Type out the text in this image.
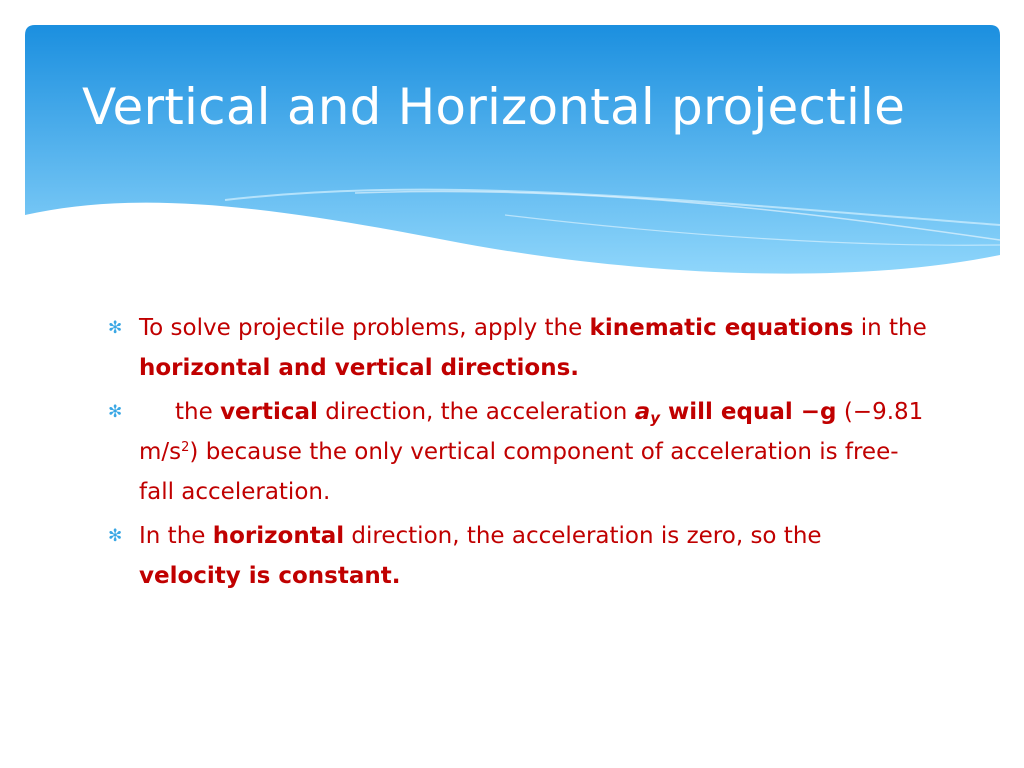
Vertical and Horizontal projectile
✻ To solve projectile problems, apply the kinematic equations in the horizontal and vertical directions.
✻ the vertical direction, the acceleration $a_y$ will equal −g (−9.81 $m/s^2$) because the only vertical component of acceleration is free-fall acceleration.
✻ In the horizontal direction, the acceleration is zero, so the velocity is constant.
